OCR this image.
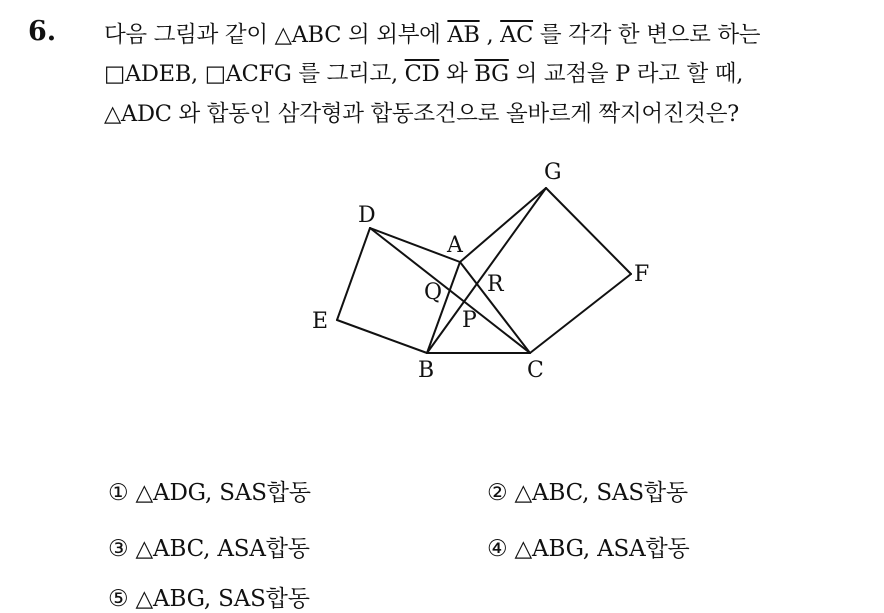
6. 다음 그림과 같이 △ABC 의 외부에 $\overline{AB}$ , $\overline{AC}$ 를 각각 한 변으로 하는
□ADEB, □ACFG 를 그리고, $\overline{CD}$ 와 $\overline{BG}$ 의 교점을 P 라고 할 때,
△ADC 와 합동인 삼각형과 합동조건으로 올바르게 짝지어진것은?
G
D
A
F
Q R
E	P
B	C
① △ADG, SAS합동	② △ABC, SAS합동
③ △ABC, ASA합동	④ △ABG, ASA합동
⑤ △ABG, SAS합동
